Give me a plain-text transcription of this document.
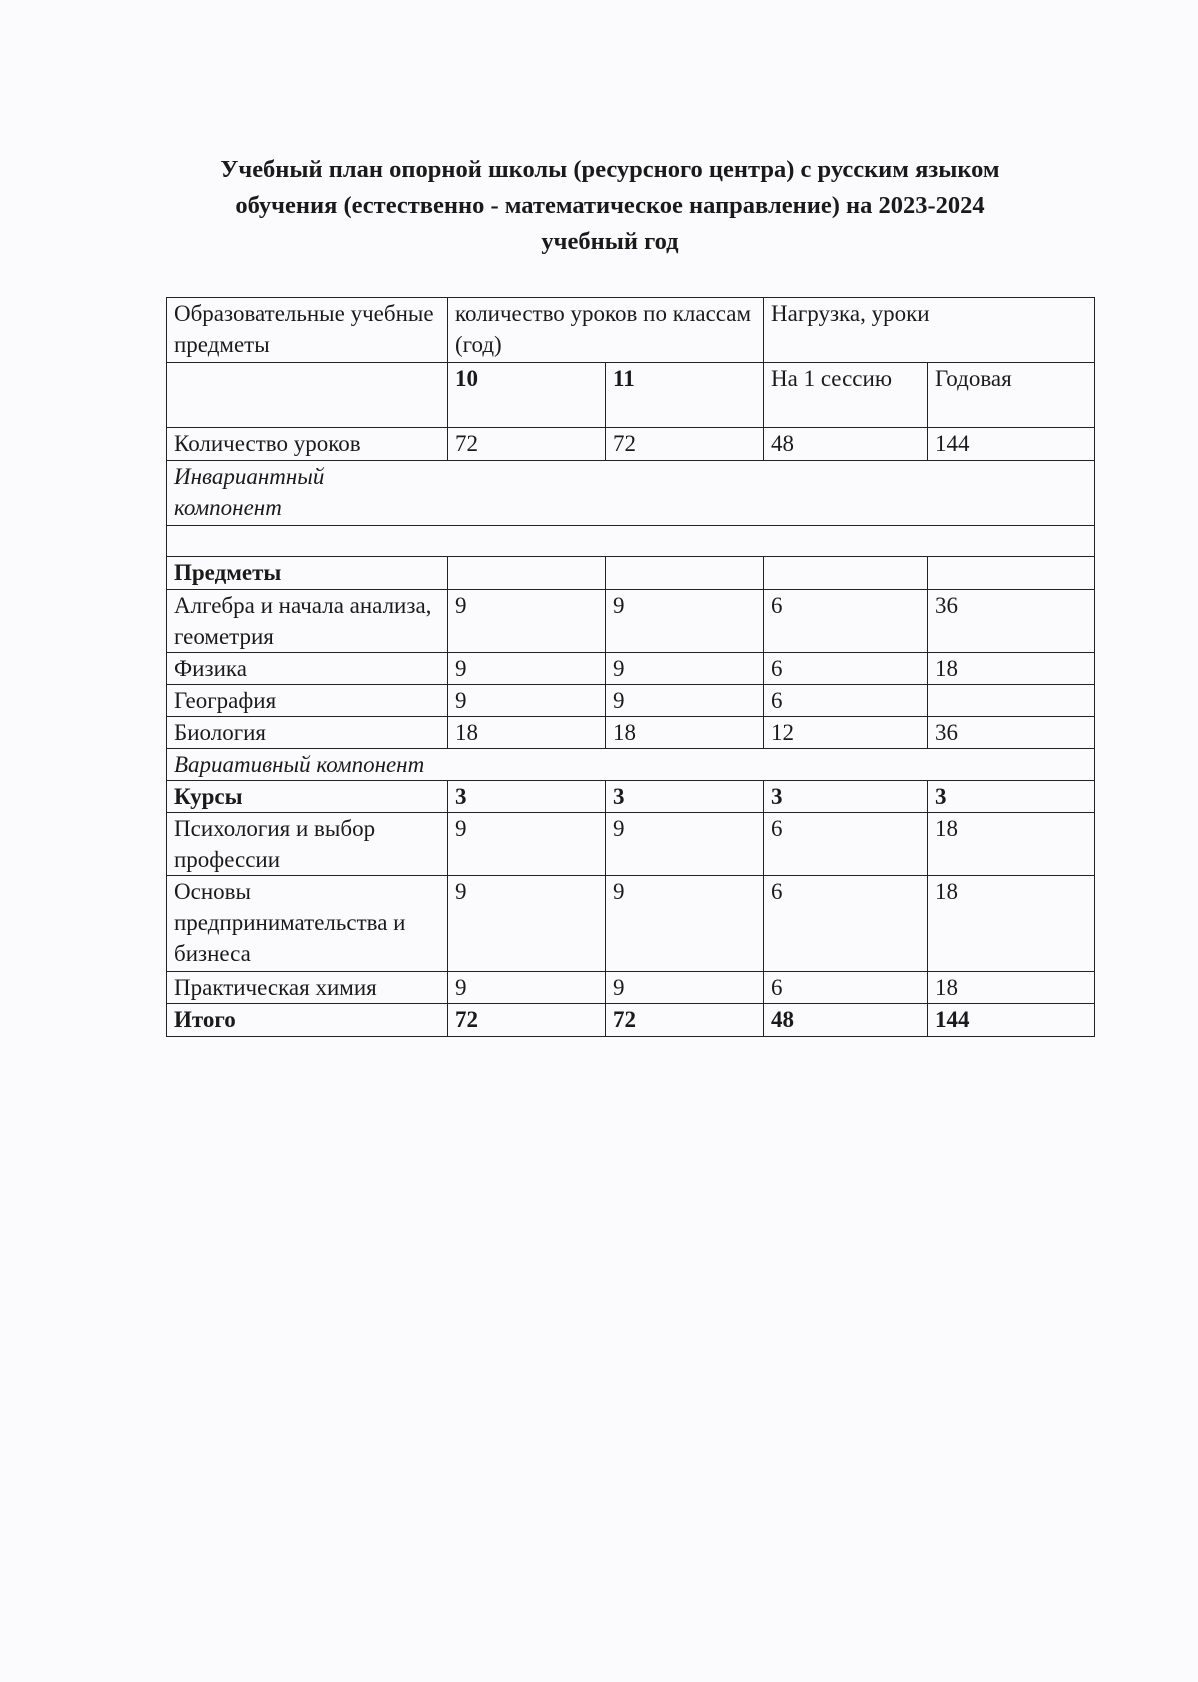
Учебный план опорной школы (ресурсного центра) с русским языком
обучения (естественно - математическое направление) на 2023-2024
учебный год
Образовательные учебные предметы	количество уроков по классам (год)		Нагрузка, уроки	
	10	11	На 1 сессию	Годовая
Количество уроков	72	72	48	144

Инвариантный компонент				

Предметы				
Алгебра и начала анализа, геометрия	9	9	6	36
Физика	9	9	6	18
География	9	9	6	
Биология	18	18	12	36
Вариативный компонент				
Курсы	3	3	3	3
Психология и выбор профессии	9	9	6	18
Основы предпринимательства и бизнеса	9	9	6	18
Практическая химия	9	9	6	18
Итого	72	72	48	144
